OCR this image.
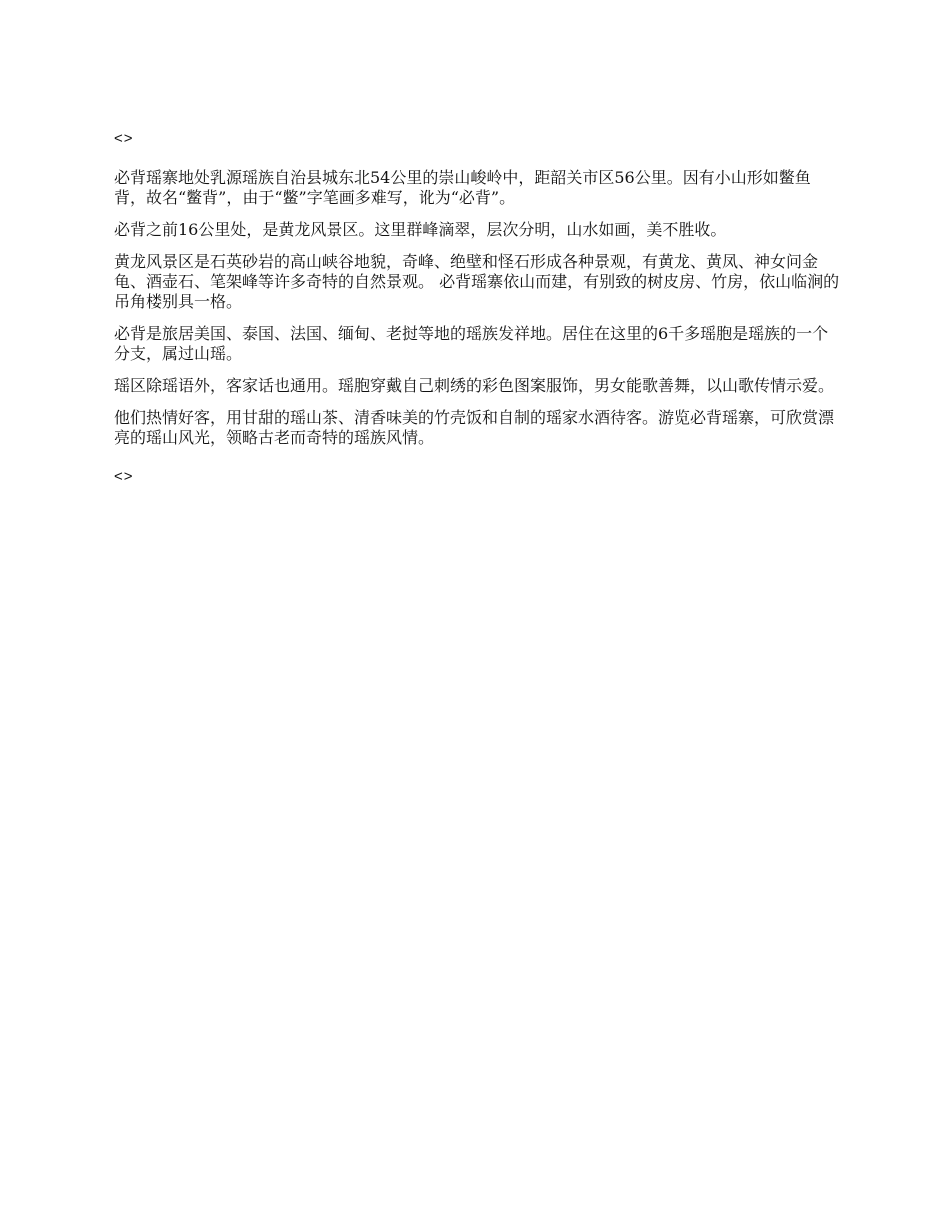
<>

必背瑶寨地处乳源瑶族自治县城东北54公里的崇山峻岭中，距韶关市区56公里。因有小山形如鳖鱼背，故名“鳖背”，由于“鳖”字笔画多难写，讹为“必背”。

必背之前16公里处，是黄龙风景区。这里群峰滴翠，层次分明，山水如画，美不胜收。

黄龙风景区是石英砂岩的高山峡谷地貌，奇峰、绝壁和怪石形成各种景观，有黄龙、黄凤、神女问金龟、酒壶石、笔架峰等许多奇特的自然景观。 必背瑶寨依山而建，有别致的树皮房、竹房，依山临涧的吊角楼别具一格。

必背是旅居美国、泰国、法国、缅甸、老挝等地的瑶族发祥地。居住在这里的6千多瑶胞是瑶族的一个分支，属过山瑶。

瑶区除瑶语外，客家话也通用。瑶胞穿戴自己刺绣的彩色图案服饰，男女能歌善舞，以山歌传情示爱。

他们热情好客，用甘甜的瑶山茶、清香味美的竹壳饭和自制的瑶家水酒待客。游览必背瑶寨，可欣赏漂亮的瑶山风光，领略古老而奇特的瑶族风情。

<>
